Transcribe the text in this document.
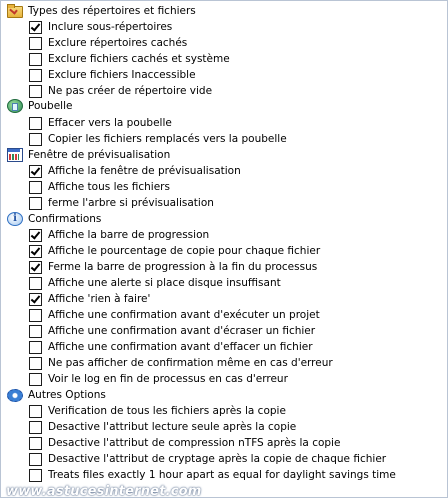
Types des répertoires et fichiers
Inclure sous-répertoires
Exclure répertoires cachés
Exclure fichiers cachés et système
Exclure fichiers Inaccessible
Ne pas créer de répertoire vide
Poubelle
Effacer vers la poubelle
Copier les fichiers remplacés vers la poubelle
Fenêtre de prévisualisation
Affiche la fenêtre de prévisualisation
Affiche tous les fichiers
ferme l'arbre si prévisualisation
i	Confirmations
Affiche la barre de progression
Affiche le pourcentage de copie pour chaque fichier
Ferme la barre de progression à la fin du processus
Affiche une alerte si place disque insuffisant
Affiche 'rien à faire'
Affiche une confirmation avant d'exécuter un projet
Affiche une confirmation avant d'écraser un fichier
Affiche une confirmation avant d'effacer un fichier
Ne pas afficher de confirmation même en cas d'erreur
Voir le log en fin de processus en cas d'erreur
Autres Options
Verification de tous les fichiers après la copie
Desactive l'attribut lecture seule après la copie
Desactive l'attribut de compression nTFS après la copie
Desactive l'attribut de cryptage après la copie de chaque fichier
Treats files exactly 1 hour apart as equal for daylight savings time
www.astucesinternet.com
